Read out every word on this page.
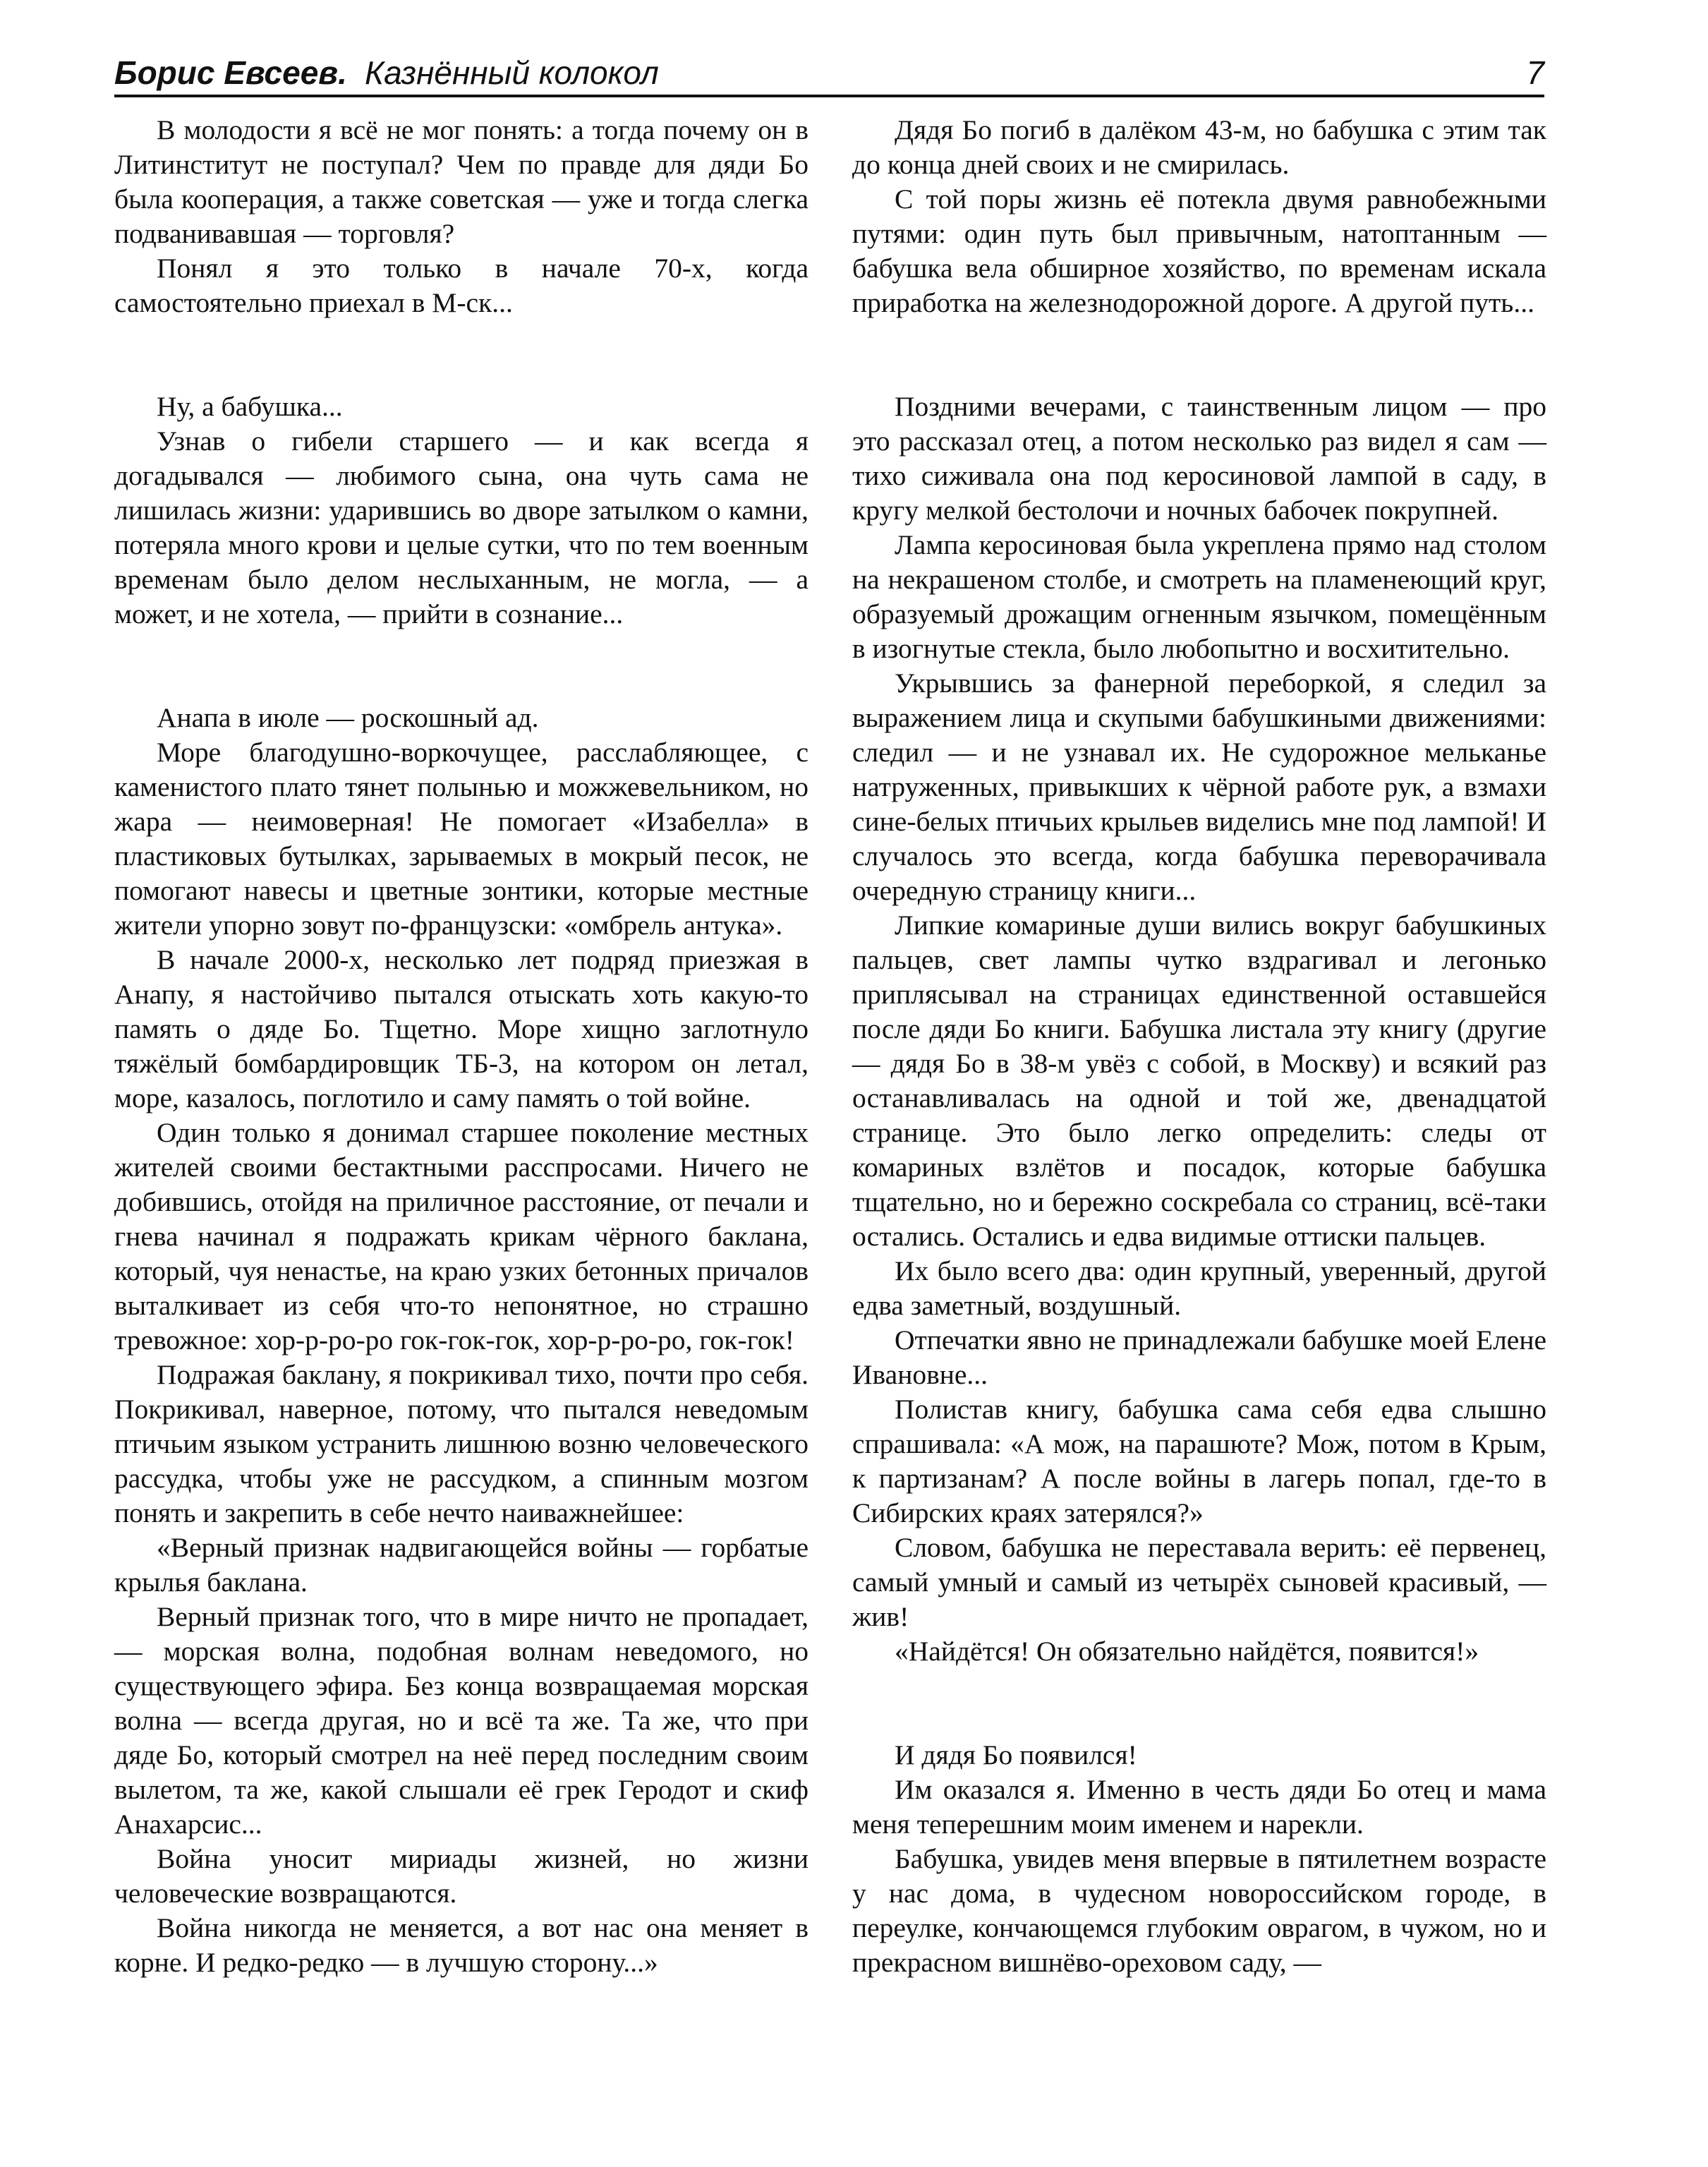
Борис Евсеев. Казнённый колокол	7

В молодости я всё не мог понять: а тогда почему он в Литинститут не поступал? Чем по правде для дяди Бо была кооперация, а также советская — уже и тогда слегка подванивавшая — торговля?

Понял я это только в начале 70-х, когда самостоятельно приехал в М-ск...

Ну, а бабушка...

Узнав о гибели старшего — и как всегда я догадывался — любимого сына, она чуть сама не лишилась жизни: ударившись во дворе затылком о камни, потеряла много крови и целые сутки, что по тем военным временам было делом неслыханным, не могла, — а может, и не хотела, — прийти в сознание...

Анапа в июле — роскошный ад.

Море благодушно-воркочущее, расслабляющее, с каменистого плато тянет полынью и можжевельником, но жара — неимоверная! Не помогает «Изабелла» в пластиковых бутылках, зарываемых в мокрый песок, не помогают навесы и цветные зонтики, которые местные жители упорно зовут по-французски: «омбрель антука».

В начале 2000-х, несколько лет подряд приезжая в Анапу, я настойчиво пытался отыскать хоть какую-то память о дяде Бо. Тщетно. Море хищно заглотнуло тяжёлый бомбардировщик ТБ-3, на котором он летал, море, казалось, поглотило и саму память о той войне.

Один только я донимал старшее поколение местных жителей своими бестактными расспросами. Ничего не добившись, отойдя на приличное расстояние, от печали и гнева начинал я подражать крикам чёрного баклана, который, чуя ненастье, на краю узких бетонных причалов выталкивает из себя что-то непонятное, но страшно тревожное: хор-р-ро-ро гок-гок-гок, хор-р-ро-ро, гок-гок!

Подражая баклану, я покрикивал тихо, почти про себя. Покрикивал, наверное, потому, что пытался неведомым птичьим языком устранить лишнюю возню человеческого рассудка, чтобы уже не рассудком, а спинным мозгом понять и закрепить в себе нечто наиважнейшее:

«Верный признак надвигающейся войны — горбатые крылья баклана.

Верный признак того, что в мире ничто не пропадает, — морская волна, подобная волнам неведомого, но существующего эфира. Без конца возвращаемая морская волна — всегда другая, но и всё та же. Та же, что при дяде Бо, который смотрел на неё перед последним своим вылетом, та же, какой слышали её грек Геродот и скиф Анахарсис...

Война уносит мириады жизней, но жизни человеческие возвращаются.

Война никогда не меняется, а вот нас она меняет в корне. И редко-редко — в лучшую сторону...»

Дядя Бо погиб в далёком 43-м, но бабушка с этим так до конца дней своих и не смирилась.

С той поры жизнь её потекла двумя равнобежными путями: один путь был привычным, натоптанным — бабушка вела обширное хозяйство, по временам искала приработка на железнодорожной дороге. А другой путь...

Поздними вечерами, с таинственным лицом — про это рассказал отец, а потом несколько раз видел я сам — тихо сиживала она под керосиновой лампой в саду, в кругу мелкой бестолочи и ночных бабочек покрупней.

Лампа керосиновая была укреплена прямо над столом на некрашеном столбе, и смотреть на пламенеющий круг, образуемый дрожащим огненным язычком, помещённым в изогнутые стекла, было любопытно и восхитительно.

Укрывшись за фанерной переборкой, я следил за выражением лица и скупыми бабушкиными движениями: следил — и не узнавал их. Не судорожное мельканье натруженных, привыкших к чёрной работе рук, а взмахи сине-белых птичьих крыльев виделись мне под лампой! И случалось это всегда, когда бабушка переворачивала очередную страницу книги...

Липкие комариные души вились вокруг бабушкиных пальцев, свет лампы чутко вздрагивал и легонько приплясывал на страницах единственной оставшейся после дяди Бо книги. Бабушка листала эту книгу (другие — дядя Бо в 38-м увёз с собой, в Москву) и всякий раз останавливалась на одной и той же, двенадцатой странице. Это было легко определить: следы от комариных взлётов и посадок, которые бабушка тщательно, но и бережно соскребала со страниц, всё-таки остались. Остались и едва видимые оттиски пальцев.

Их было всего два: один крупный, уверенный, другой едва заметный, воздушный.

Отпечатки явно не принадлежали бабушке моей Елене Ивановне...

Полистав книгу, бабушка сама себя едва слышно спрашивала: «А мож, на парашюте? Мож, потом в Крым, к партизанам? А после войны в лагерь попал, где-то в Сибирских краях затерялся?»

Словом, бабушка не переставала верить: её первенец, самый умный и самый из четырёх сыновей красивый, — жив!

«Найдётся! Он обязательно найдётся, появится!»

И дядя Бо появился!

Им оказался я. Именно в честь дяди Бо отец и мама меня теперешним моим именем и нарекли.

Бабушка, увидев меня впервые в пятилетнем возрасте у нас дома, в чудесном новороссийском городе, в переулке, кончающемся глубоким оврагом, в чужом, но и прекрасном вишнёво-ореховом саду, —
